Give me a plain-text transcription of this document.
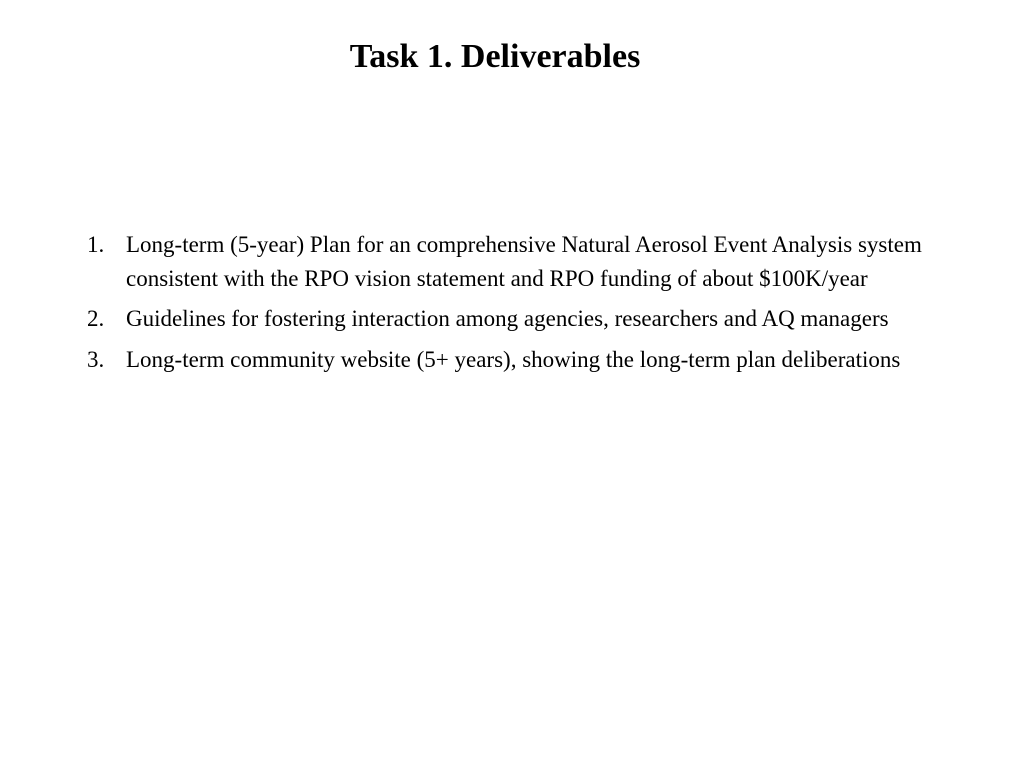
Task 1. Deliverables
1. Long-term (5-year) Plan for an comprehensive Natural Aerosol Event Analysis system consistent with the RPO vision statement and RPO funding of about $100K/year
2. Guidelines for fostering interaction among agencies, researchers and AQ managers
3. Long-term community website (5+ years), showing the long-term plan deliberations
